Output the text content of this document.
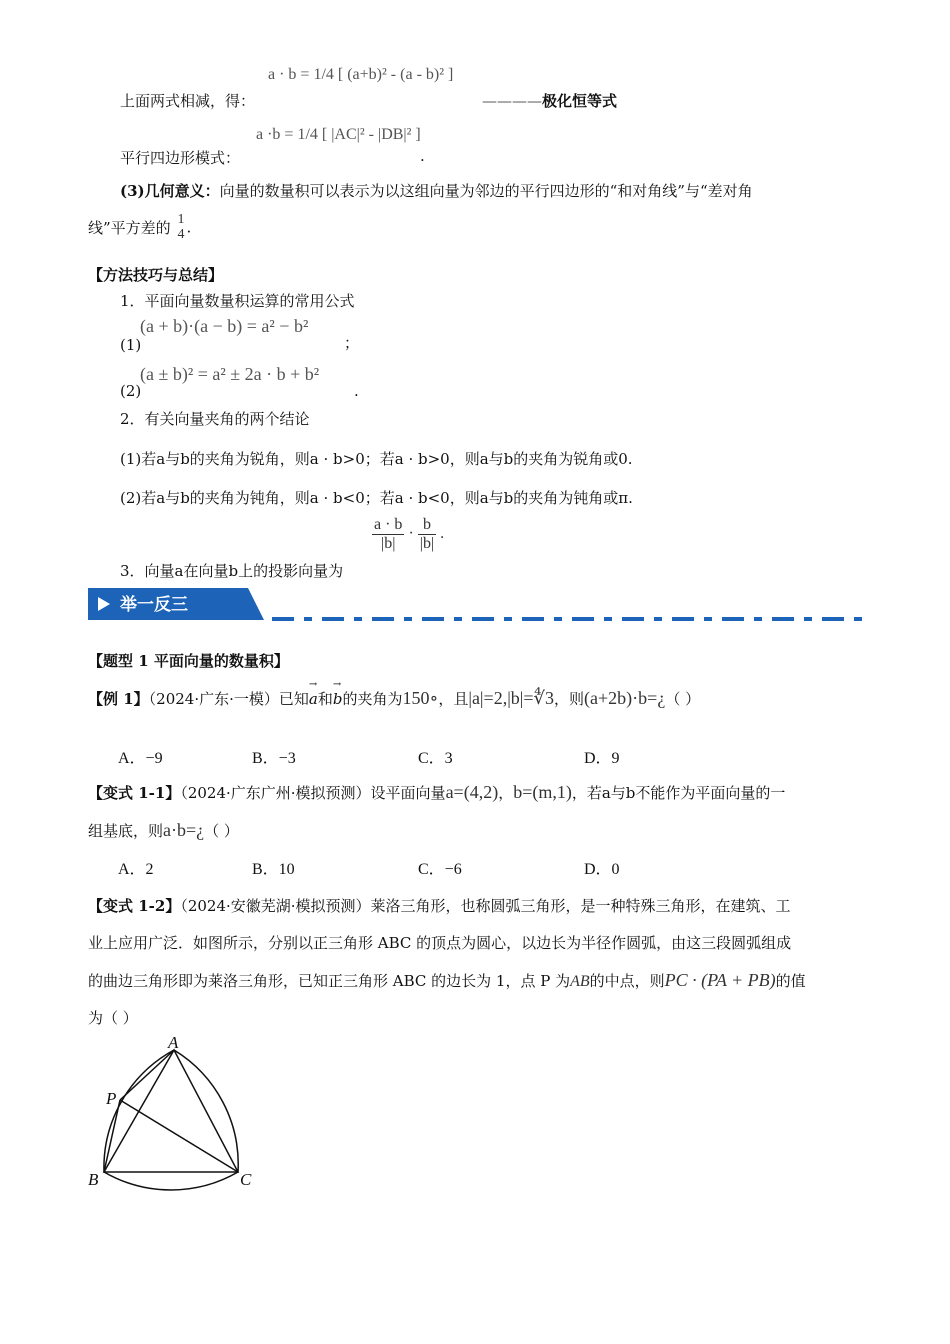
上面两式相减，得：
a · b = 1/4 [ (a+b)² - (a - b)² ]
————极化恒等式
平行四边形模式：
a ·b = 1/4 [ |AC|² - |DB|² ]
.
(3)几何意义：向量的数量积可以表示为以这组向量为邻边的平行四边形的“和对角线”与“差对角
线”平方差的 1
4 .
【方法技巧与总结】
1．平面向量数量积运算的常用公式
(1)
(a + b)·(a − b) = a² − b²
；
(2)
(a ± b)² = a² ± 2a · b + b²
.
2．有关向量夹角的两个结论
(1)若a与b的夹角为锐角，则a · b>0；若a · b>0，则a与b的夹角为锐角或0.
(2)若a与b的夹角为钝角，则a · b<0；若a · b<0，则a与b的夹角为钝角或π.
3．向量a在向量b上的投影向量为
$\frac{a \cdot b}{|b|} \cdot \frac{b}{|b|}$ .
举一反三
【题型 1 平面向量的数量积】
【例 1】（2024·广东·一模）已知→ a和→ b的夹角为150∘，且|a|=2,|b|=∜3，则(a+2b)·b=¿（ ）
A．−9	B．−3	C．3	D．9
【变式 1-1】（2024·广东广州·模拟预测）设平面向量a=(4,2)，b=(m,1)，若a与b不能作为平面向量的一
组基底，则a·b=¿（ ）
A．2	B．10	C．−6	D．0
【变式 1-2】（2024·安徽芜湖·模拟预测）莱洛三角形，也称圆弧三角形，是一种特殊三角形，在建筑、工
业上应用广泛．如图所示，分别以正三角形 ABC 的顶点为圆心，以边长为半径作圆弧，由这三段圆弧组成
的曲边三角形即为莱洛三角形，已知正三角形 ABC 的边长为 1，点 P 为AB的中点，则PC · (PA + PB)的值
为（ ）
A
B	C
P
